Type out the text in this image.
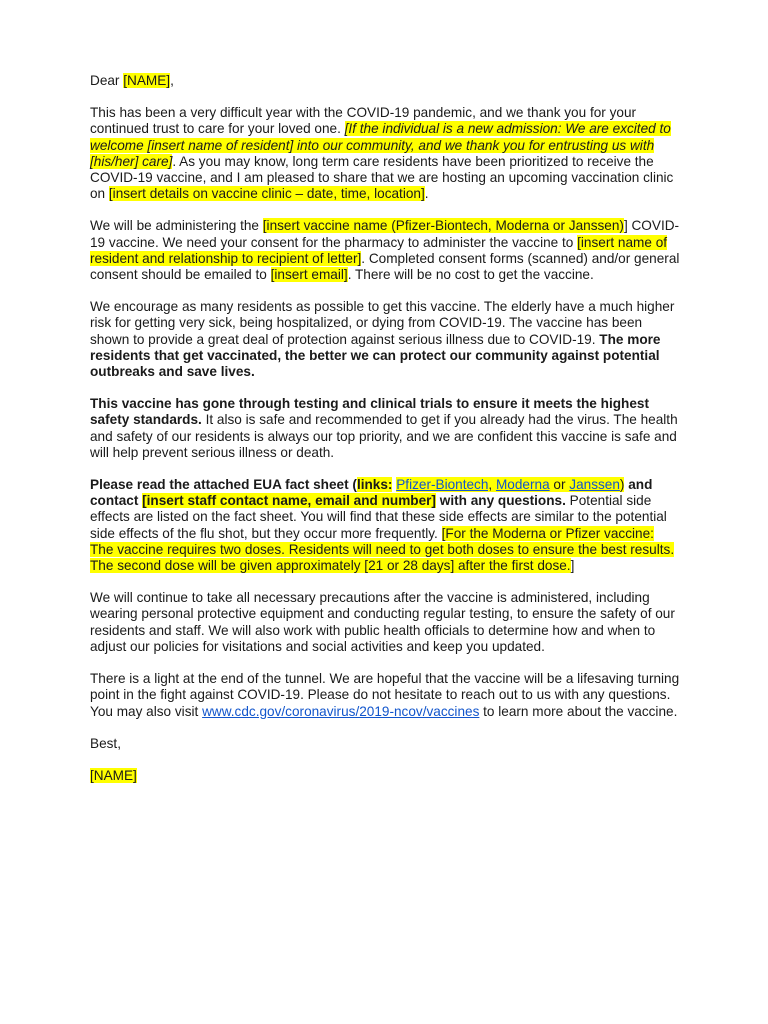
Dear [NAME],

This has been a very difficult year with the COVID-19 pandemic, and we thank you for your continued trust to care for your loved one. [If the individual is a new admission: We are excited to welcome [insert name of resident] into our community, and we thank you for entrusting us with [his/her] care]. As you may know, long term care residents have been prioritized to receive the COVID-19 vaccine, and I am pleased to share that we are hosting an upcoming vaccination clinic on [insert details on vaccine clinic – date, time, location].

We will be administering the [insert vaccine name (Pfizer-Biontech, Moderna or Janssen)] COVID-19 vaccine. We need your consent for the pharmacy to administer the vaccine to [insert name of resident and relationship to recipient of letter]. Completed consent forms (scanned) and/or general consent should be emailed to [insert email]. There will be no cost to get the vaccine.

We encourage as many residents as possible to get this vaccine. The elderly have a much higher risk for getting very sick, being hospitalized, or dying from COVID-19. The vaccine has been shown to provide a great deal of protection against serious illness due to COVID-19. The more residents that get vaccinated, the better we can protect our community against potential outbreaks and save lives.

This vaccine has gone through testing and clinical trials to ensure it meets the highest safety standards. It also is safe and recommended to get if you already had the virus. The health and safety of our residents is always our top priority, and we are confident this vaccine is safe and will help prevent serious illness or death.

Please read the attached EUA fact sheet (links: Pfizer-Biontech, Moderna or Janssen) and contact [insert staff contact name, email and number] with any questions. Potential side effects are listed on the fact sheet. You will find that these side effects are similar to the potential side effects of the flu shot, but they occur more frequently. [For the Moderna or Pfizer vaccine: The vaccine requires two doses. Residents will need to get both doses to ensure the best results. The second dose will be given approximately [21 or 28 days] after the first dose.]

We will continue to take all necessary precautions after the vaccine is administered, including wearing personal protective equipment and conducting regular testing, to ensure the safety of our residents and staff. We will also work with public health officials to determine how and when to adjust our policies for visitations and social activities and keep you updated.

There is a light at the end of the tunnel. We are hopeful that the vaccine will be a lifesaving turning point in the fight against COVID-19. Please do not hesitate to reach out to us with any questions. You may also visit www.cdc.gov/coronavirus/2019-ncov/vaccines to learn more about the vaccine.

Best,

[NAME]
